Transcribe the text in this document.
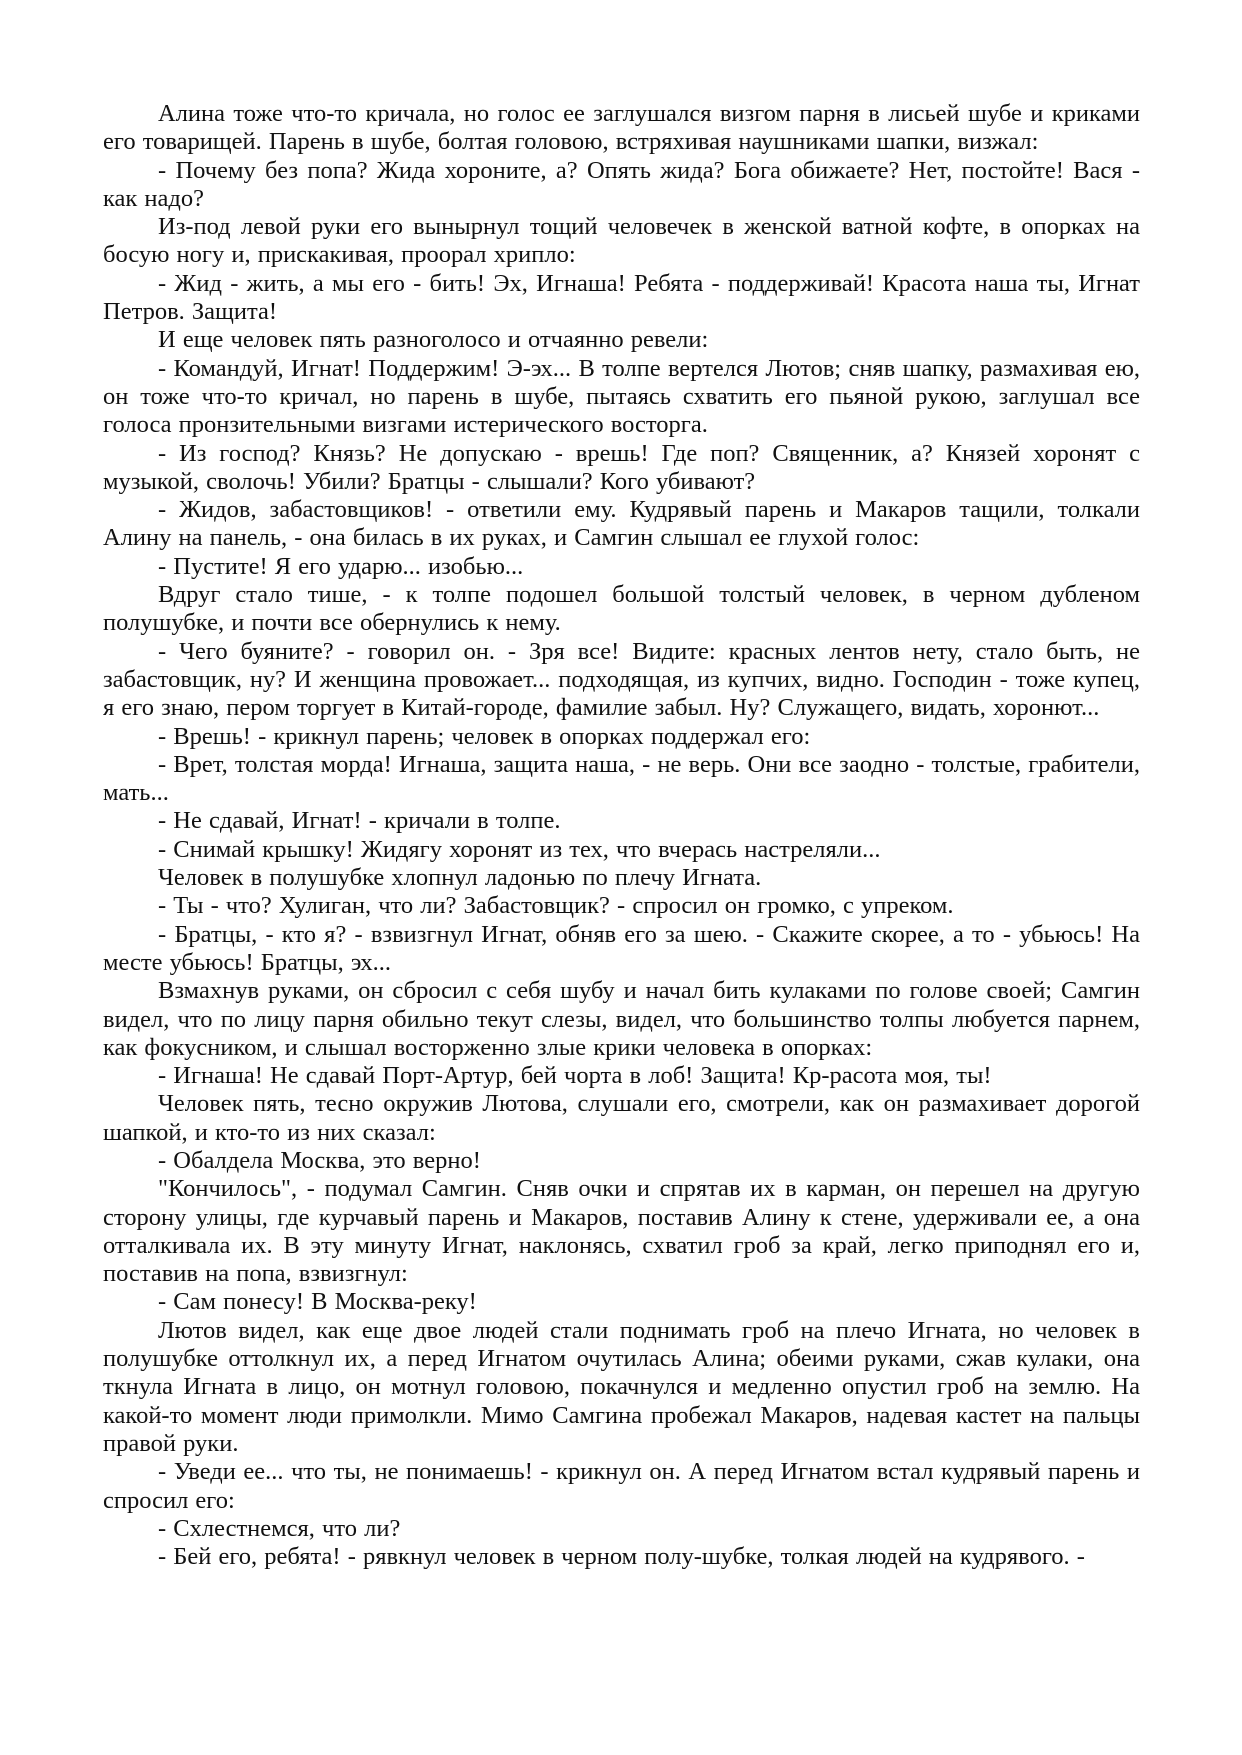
Алина тоже что-то кричала, но голос ее заглушался визгом парня в лисьей шубе и криками его товарищей. Парень в шубе, болтая головою, встряхивая наушниками шапки, визжал:

- Почему без попа? Жида хороните, а? Опять жида? Бога обижаете? Нет, постойте! Вася - как надо?

Из-под левой руки его вынырнул тощий человечек в женской ватной кофте, в опорках на босую ногу и, прискакивая, проорал хрипло:

- Жид - жить, а мы его - бить! Эх, Игнаша! Ребята - поддерживай! Красота наша ты, Игнат Петров. Защита!

И еще человек пять разноголосо и отчаянно ревели:

- Командуй, Игнат! Поддержим! Э-эх... В толпе вертелся Лютов; сняв шапку, размахивая ею, он тоже что-то кричал, но парень в шубе, пытаясь схватить его пьяной рукою, заглушал все голоса пронзительными визгами истерического восторга.

- Из господ? Князь? Не допускаю - врешь! Где поп? Священник, а? Князей хоронят с музыкой, сволочь! Убили? Братцы - слышали? Кого убивают?

- Жидов, забастовщиков! - ответили ему. Кудрявый парень и Макаров тащили, толкали Алину на панель, - она билась в их руках, и Самгин слышал ее глухой голос:

- Пустите! Я его ударю... изобью...

Вдруг стало тише, - к толпе подошел большой толстый человек, в черном дубленом полушубке, и почти все обернулись к нему.

- Чего буяните? - говорил он. - Зря все! Видите: красных лентов нету, стало быть, не забастовщик, ну? И женщина провожает... подходящая, из купчих, видно. Господин - тоже купец, я его знаю, пером торгует в Китай-городе, фамилие забыл. Ну? Служащего, видать, хоронют...

- Врешь! - крикнул парень; человек в опорках поддержал его:

- Врет, толстая морда! Игнаша, защита наша, - не верь. Они все заодно - толстые, грабители, мать...

- Не сдавай, Игнат! - кричали в толпе.

- Снимай крышку! Жидягу хоронят из тех, что вчерась настреляли...

Человек в полушубке хлопнул ладонью по плечу Игната.

- Ты - что? Хулиган, что ли? Забастовщик? - спросил он громко, с упреком.

- Братцы, - кто я? - взвизгнул Игнат, обняв его за шею. - Скажите скорее, а то - убьюсь! На месте убьюсь! Братцы, эх...

Взмахнув руками, он сбросил с себя шубу и начал бить кулаками по голове своей; Самгин видел, что по лицу парня обильно текут слезы, видел, что большинство толпы любуется парнем, как фокусником, и слышал восторженно злые крики человека в опорках:

- Игнаша! Не сдавай Порт-Артур, бей чорта в лоб! Защита! Кр-расота моя, ты!

Человек пять, тесно окружив Лютова, слушали его, смотрели, как он размахивает дорогой шапкой, и кто-то из них сказал:

- Обалдела Москва, это верно!

"Кончилось", - подумал Самгин. Сняв очки и спрятав их в карман, он перешел на другую сторону улицы, где курчавый парень и Макаров, поставив Алину к стене, удерживали ее, а она отталкивала их. В эту минуту Игнат, наклонясь, схватил гроб за край, легко приподнял его и, поставив на попа, взвизгнул:

- Сам понесу! В Москва-реку!

Лютов видел, как еще двое людей стали поднимать гроб на плечо Игната, но человек в полушубке оттолкнул их, а перед Игнатом очутилась Алина; обеими руками, сжав кулаки, она ткнула Игната в лицо, он мотнул головою, покачнулся и медленно опустил гроб на землю. На какой-то момент люди примолкли. Мимо Самгина пробежал Макаров, надевая кастет на пальцы правой руки.

- Уведи ее... что ты, не понимаешь! - крикнул он. А перед Игнатом встал кудрявый парень и спросил его:

- Схлестнемся, что ли?

- Бей его, ребята! - рявкнул человек в черном полу-шубке, толкая людей на кудрявого. -
